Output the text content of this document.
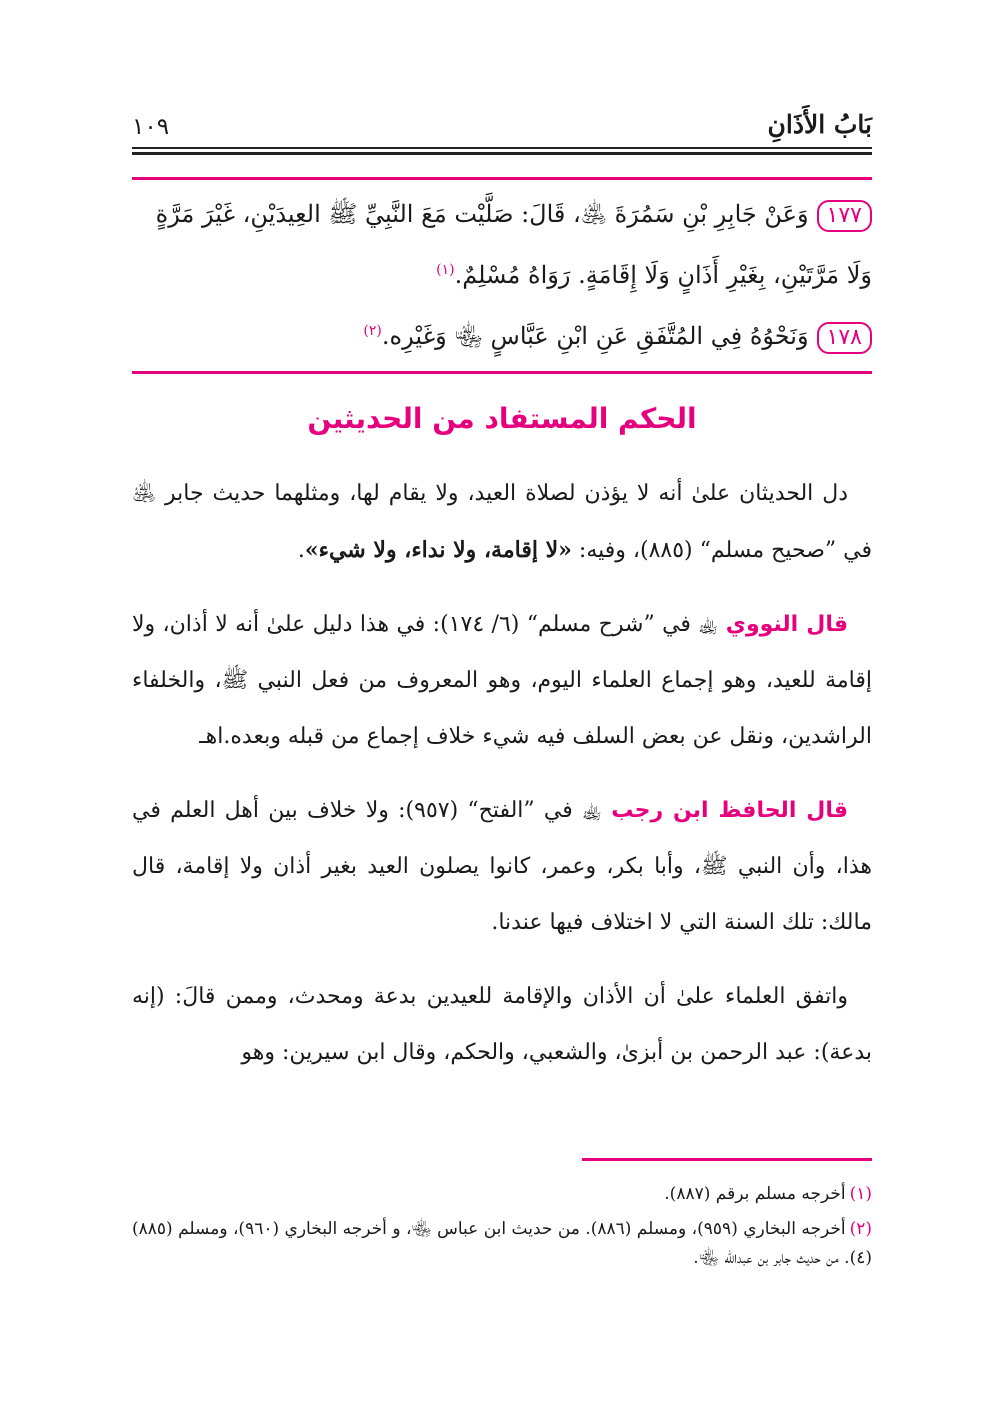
بَابُ الأَذَانِ
١٠٩
١٧٧وَعَنْ جَابِرِ بْنِ سَمُرَةَ ﵁، قَالَ: صَلَّيْت مَعَ النَّبِيِّ ﷺ العِيدَيْنِ، غَيْرَ مَرَّةٍ
وَلَا مَرَّتَيْنِ، بِغَيْرِ أَذَانٍ وَلَا إِقَامَةٍ. رَوَاهُ مُسْلِمٌ.$^{(١)}$
١٧٨وَنَحْوُهُ فِي المُتَّفَقِ عَنِ ابْنِ عَبَّاسٍ ﵄ وَغَيْرِه.$^{(٢)}$
الحكم المستفاد من الحديثين

دل الحديثان علىٰ أنه لا يؤذن لصلاة العيد، ولا يقام لها، ومثلهما حديث جابر ﵁ في ”صحيح مسلم“ (٨٨٥)، وفيه: «لا إقامة، ولا نداء، ولا شيء».

قال النووي ﵀ في ”شرح مسلم“ (٦/ ١٧٤): في هذا دليل علىٰ أنه لا أذان، ولا إقامة للعيد، وهو إجماع العلماء اليوم، وهو المعروف من فعل النبي ﷺ، والخلفاء الراشدين، ونقل عن بعض السلف فيه شيء خلاف إجماع من قبله وبعده.اهـ

قال الحافظ ابن رجب ﵀ في ”الفتح“ (٩٥٧): ولا خلاف بين أهل العلم في هذا، وأن النبي ﷺ، وأبا بكر، وعمر، كانوا يصلون العيد بغير أذان ولا إقامة، قال مالك: تلك السنة التي لا اختلاف فيها عندنا.

واتفق العلماء علىٰ أن الأذان والإقامة للعيدين بدعة ومحدث، وممن قالَ: (إنه بدعة): عبد الرحمن بن أبزىٰ، والشعبي، والحكم، وقال ابن سيرين: وهو

(١)أخرجه مسلم برقم (٨٨٧).

(٢)أخرجه البخاري (٩٥٩)، ومسلم (٨٨٦). من حديث ابن عباس ﵄، و أخرجه البخاري (٩٦٠)، ومسلم (٨٨٥) (٤). من حديث جابر بن عبدالله ﵄.
